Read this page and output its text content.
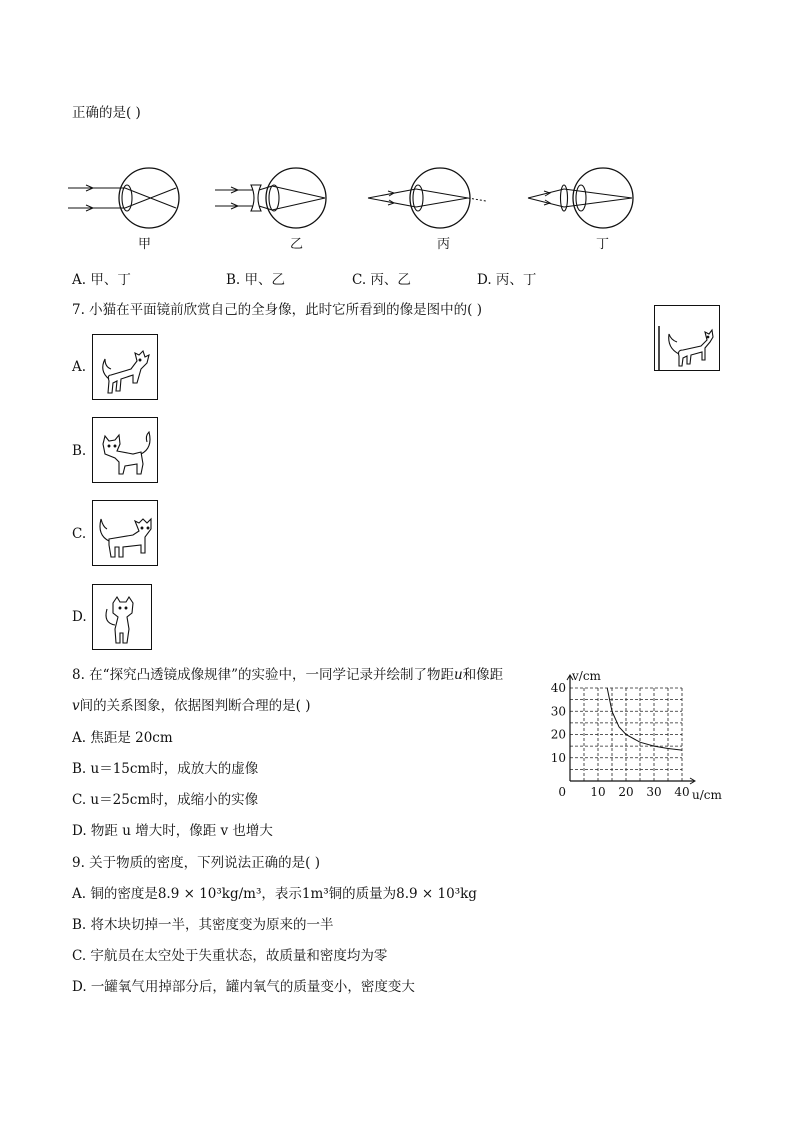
正确的是( )
甲	乙	丙	丁
A. 甲、丁	B. 甲、乙	C. 丙、乙	D. 丙、丁
7. 小猫在平面镜前欣赏自己的全身像，此时它所看到的像是图中的( )
A.
B.
C.
D.
8. 在“探究凸透镜成像规律”的实验中，一同学记录并绘制了物距u和像距
v间的关系图象，依据图判断合理的是( )
A. 焦距是 20cm
B. u＝15cm时，成放大的虚像
C. u＝25cm时，成缩小的实像
D. 物距 u 增大时，像距 v 也增大
10 20 30 40
10
20
30
40
0	u/cm
v/cm
9. 关于物质的密度，下列说法正确的是( )
A. 铜的密度是8.9 × 10³kg/m³，表示1m³铜的质量为8.9 × 10³kg
B. 将木块切掉一半，其密度变为原来的一半
C. 宇航员在太空处于失重状态，故质量和密度均为零
D. 一罐氧气用掉部分后，罐内氧气的质量变小，密度变大
